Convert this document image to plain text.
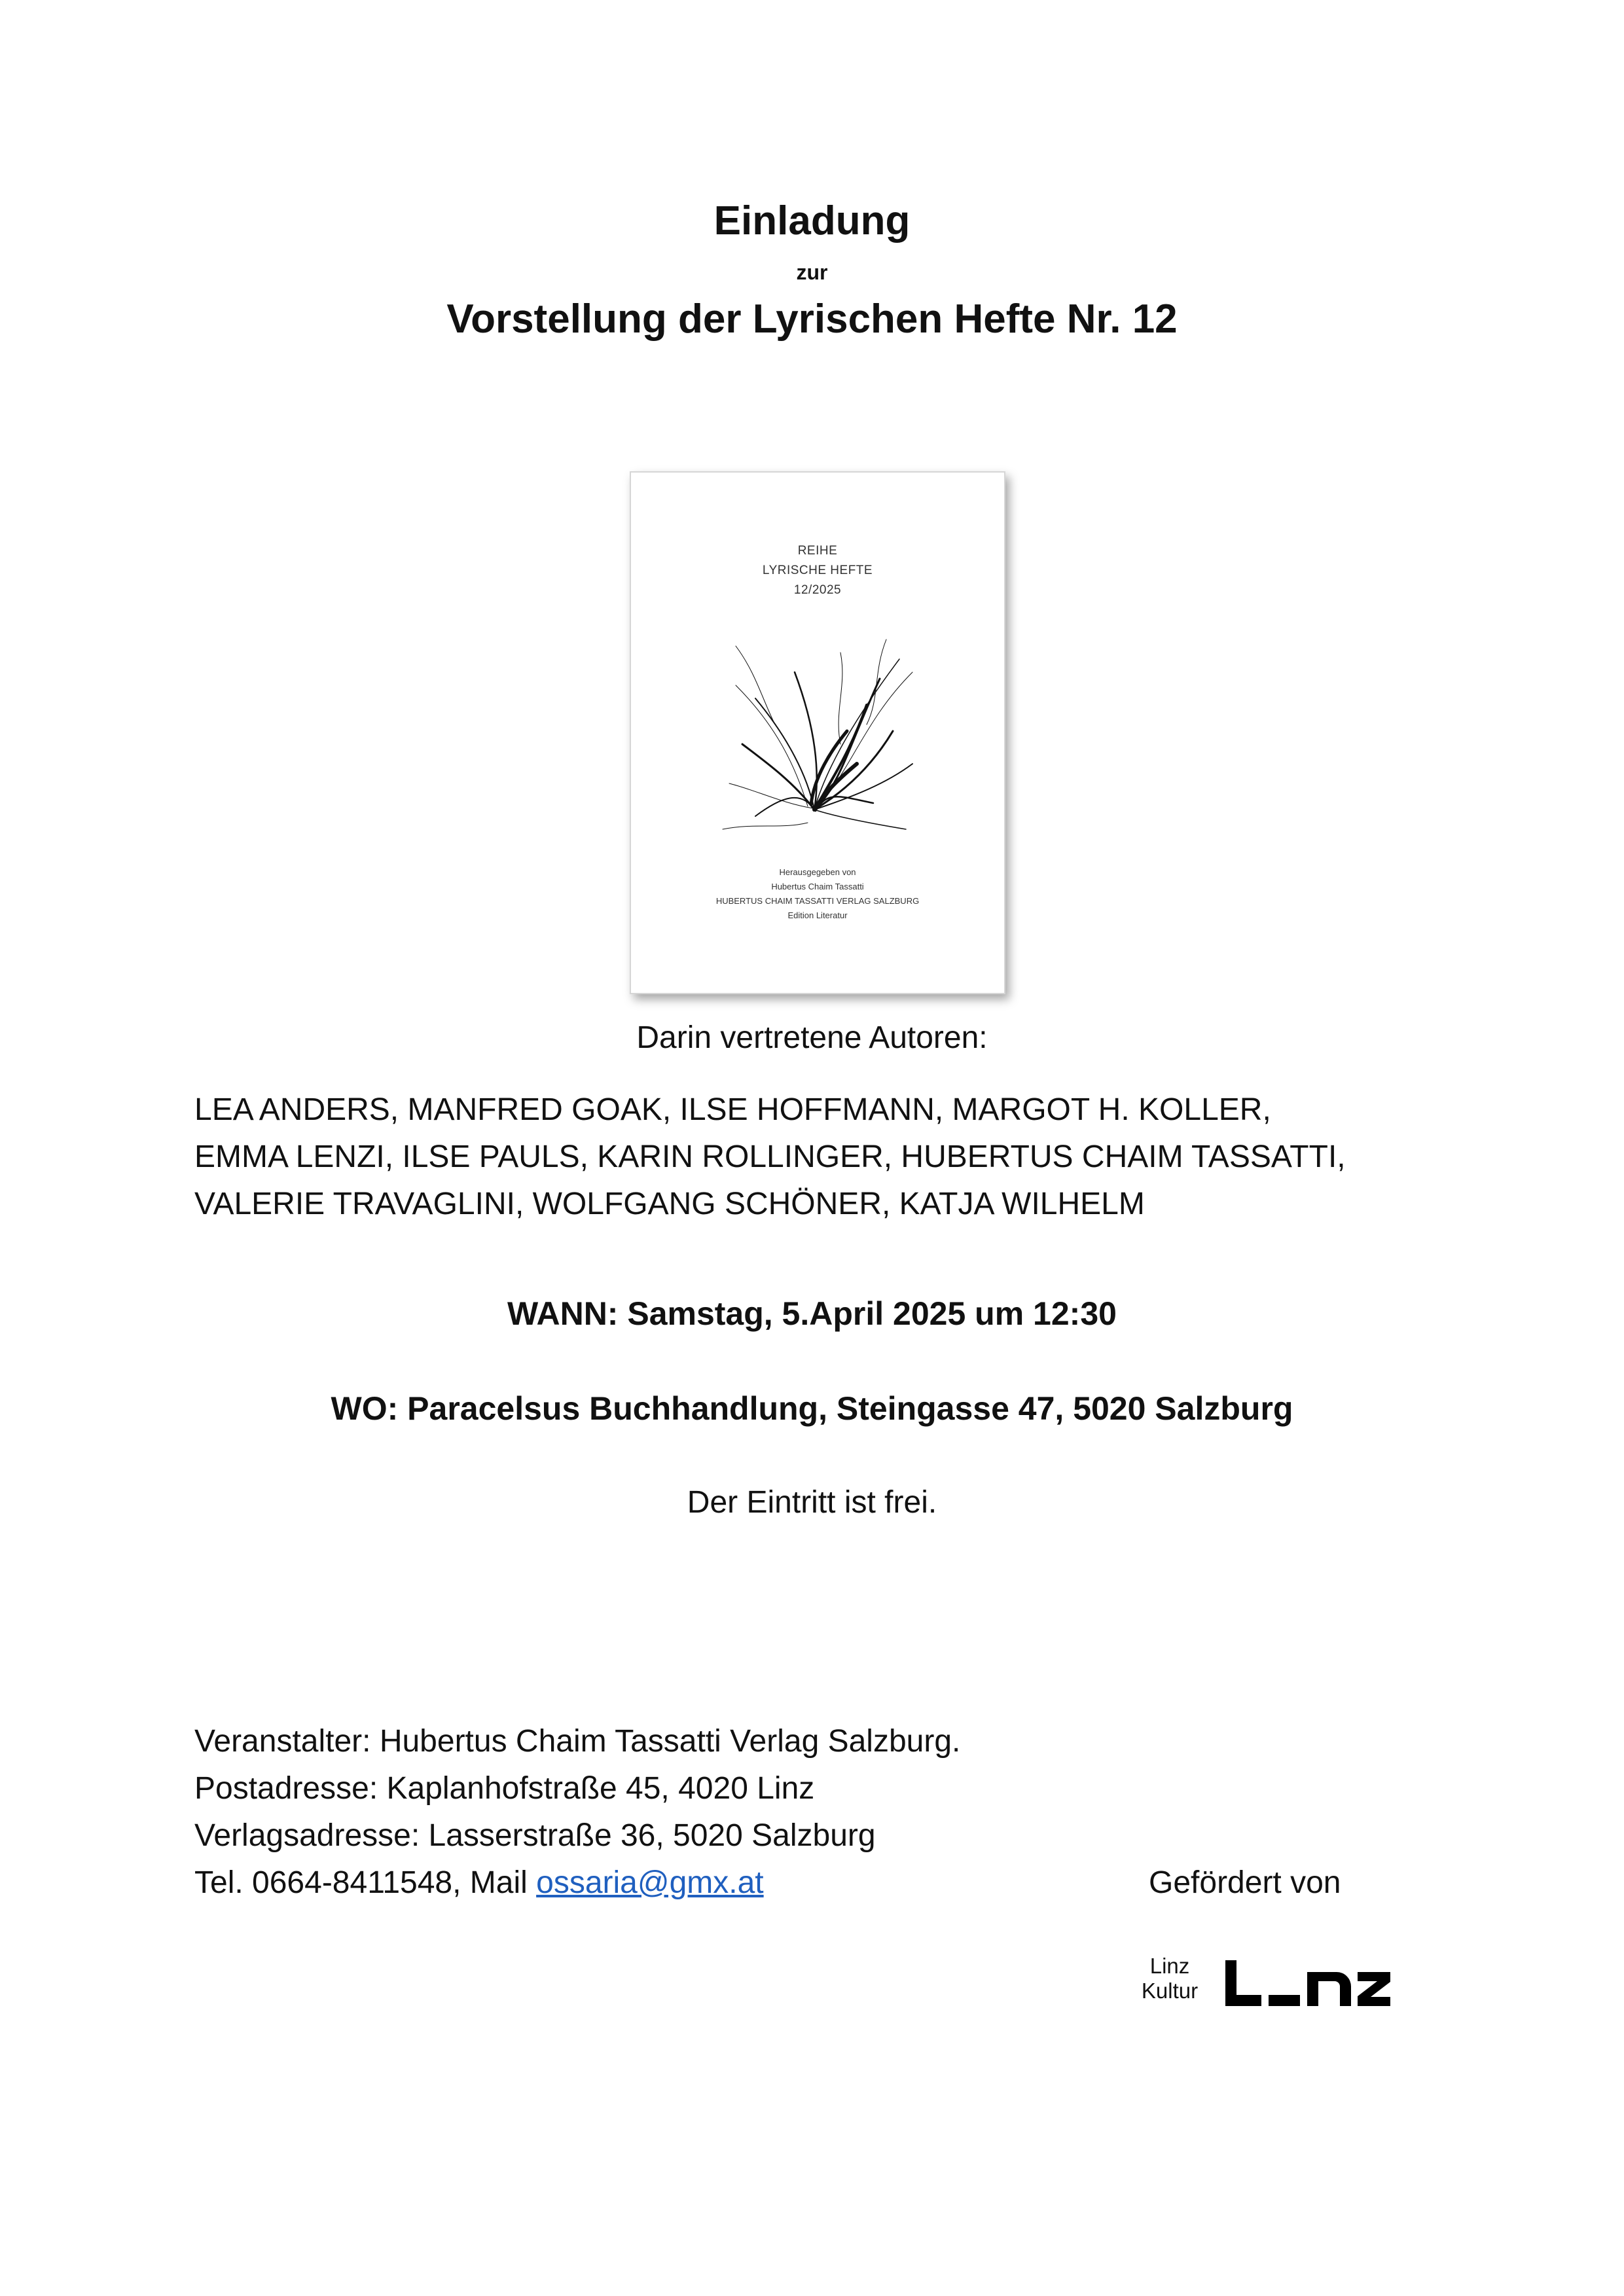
Einladung
zur
Vorstellung der Lyrischen Hefte Nr. 12
REIHE
LYRISCHE HEFTE
12/2025
Herausgegeben von
Hubertus Chaim Tassatti
HUBERTUS CHAIM TASSATTI VERLAG SALZBURG
Edition Literatur
Darin vertretene Autoren:
LEA ANDERS, MANFRED GOAK, ILSE HOFFMANN, MARGOT H. KOLLER,
EMMA LENZI, ILSE PAULS, KARIN ROLLINGER, HUBERTUS CHAIM TASSATTI,
VALERIE TRAVAGLINI, WOLFGANG SCHÖNER, KATJA WILHELM
WANN: Samstag, 5.April 2025 um 12:30
WO: Paracelsus Buchhandlung, Steingasse 47, 5020 Salzburg
Der Eintritt ist frei.
Veranstalter: Hubertus Chaim Tassatti Verlag Salzburg.
Postadresse: Kaplanhofstraße 45, 4020 Linz
Verlagsadresse: Lasserstraße 36, 5020 Salzburg
Tel. 0664-8411548, Mail ossaria@gmx.at	Gefördert von
Linz
Kultur
